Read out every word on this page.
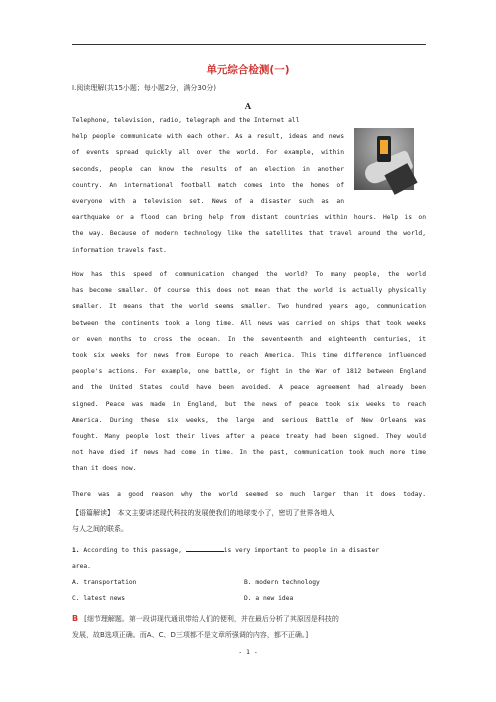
单元综合检测(一)
Ⅰ.阅读理解(共15小题；每小题2分，满分30分)
A
Telephone, television, radio, telegraph and the Internet all
help people communicate with each other. As a result, ideas and news
of events spread quickly all over the world. For example, within
seconds, people can know the results of an election in another
country. An international football match comes into the homes of
everyone with a television set. News of a disaster such as an
earthquake or a flood can bring help from distant countries within hours. Help is on
the way. Because of modern technology like the satellites that travel around the world,
information travels fast.
How has this speed of communication changed the world? To many people, the world
has become smaller. Of course this does not mean that the world is actually physically
smaller. It means that the world seems smaller. Two hundred years ago, communication
between the continents took a long time. All news was carried on ships that took weeks
or even months to cross the ocean. In the seventeenth and eighteenth centuries, it
took six weeks for news from Europe to reach America. This time difference influenced
people's actions. For example, one battle, or fight in the War of 1812 between England
and the United States could have been avoided. A peace agreement had already been
signed. Peace was made in England, but the news of peace took six weeks to reach
America. During these six weeks, the large and serious Battle of New Orleans was
fought. Many people lost their lives after a peace treaty had been signed. They would
not have died if news had come in time. In the past, communication took much more time
than it does now.
There was a good reason why the world seemed so much larger than it does today.
【语篇解读】　本文主要讲述现代科技的发展使我们的地球变小了，密切了世界各地人
与人之间的联系。
1. According to this passage,	is very important to people in a disaster
area.
A. transportation	B. modern technology
C. latest news	D. a new idea
B [细节理解题。第一段讲现代通讯带给人们的便利，并在最后分析了其原因是科技的
发展，故B选项正确。而A、C、D三项都不是文章所强调的内容，都不正确。]
- 1 -
